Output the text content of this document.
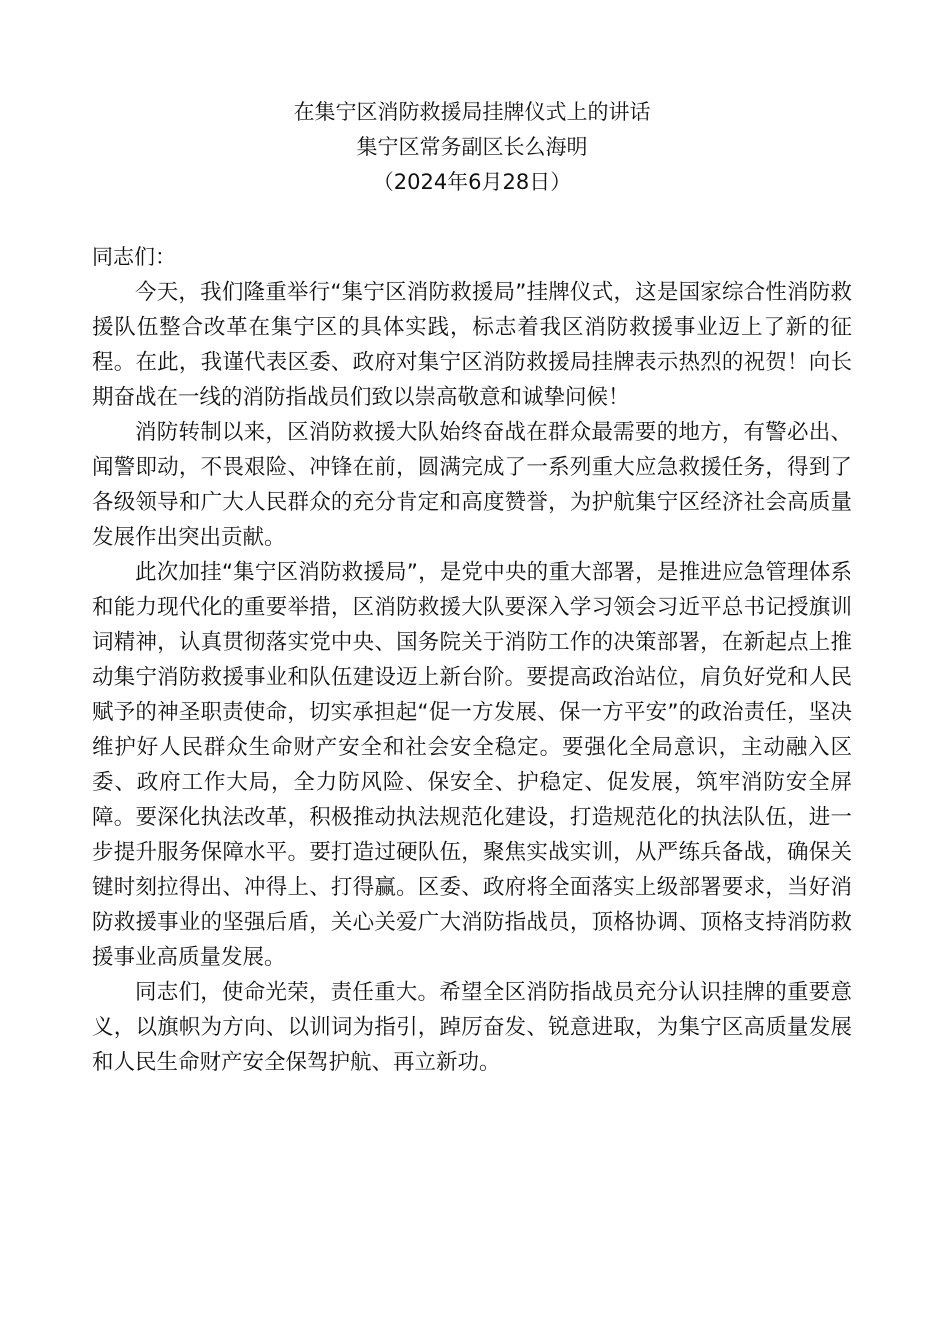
在集宁区消防救援局挂牌仪式上的讲话
集宁区常务副区长么海明
（2024年6月28日）
同志们：

今天，我们隆重举行“集宁区消防救援局”挂牌仪式，这是国家综合性消防救援队伍整合改革在集宁区的具体实践，标志着我区消防救援事业迈上了新的征程。在此，我谨代表区委、政府对集宁区消防救援局挂牌表示热烈的祝贺！向长期奋战在一线的消防指战员们致以崇高敬意和诚挚问候！

消防转制以来，区消防救援大队始终奋战在群众最需要的地方，有警必出、闻警即动，不畏艰险、冲锋在前，圆满完成了一系列重大应急救援任务，得到了各级领导和广大人民群众的充分肯定和高度赞誉，为护航集宁区经济社会高质量发展作出突出贡献。

此次加挂“集宁区消防救援局”，是党中央的重大部署，是推进应急管理体系和能力现代化的重要举措，区消防救援大队要深入学习领会习近平总书记授旗训词精神，认真贯彻落实党中央、国务院关于消防工作的决策部署，在新起点上推动集宁消防救援事业和队伍建设迈上新台阶。要提高政治站位，肩负好党和人民赋予的神圣职责使命，切实承担起“促一方发展、保一方平安”的政治责任，坚决维护好人民群众生命财产安全和社会安全稳定。要强化全局意识，主动融入区委、政府工作大局，全力防风险、保安全、护稳定、促发展，筑牢消防安全屏障。要深化执法改革，积极推动执法规范化建设，打造规范化的执法队伍，进一步提升服务保障水平。要打造过硬队伍，聚焦实战实训，从严练兵备战，确保关键时刻拉得出、冲得上、打得赢。区委、政府将全面落实上级部署要求，当好消防救援事业的坚强后盾，关心关爱广大消防指战员，顶格协调、顶格支持消防救援事业高质量发展。

同志们，使命光荣，责任重大。希望全区消防指战员充分认识挂牌的重要意义，以旗帜为方向、以训词为指引，踔厉奋发、锐意进取，为集宁区高质量发展和人民生命财产安全保驾护航、再立新功。
